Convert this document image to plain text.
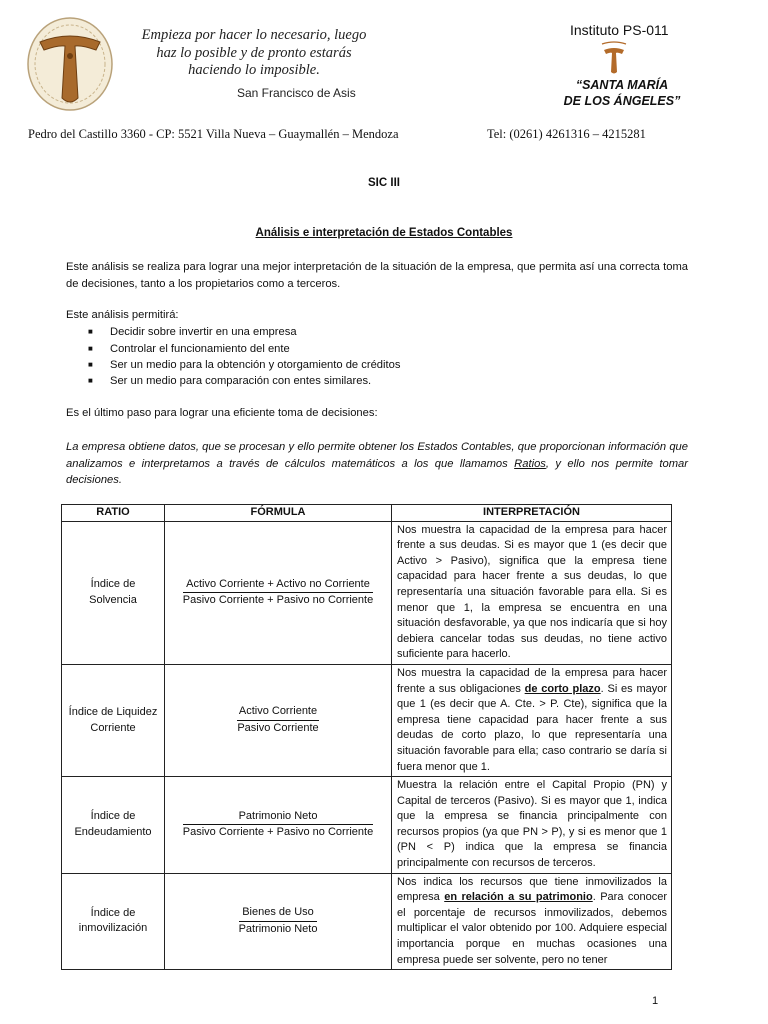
Empieza por hacer lo necesario, luego
haz lo posible y de pronto estarás
haciendo lo imposible.
San Francisco de Asis
Instituto PS-011
“SANTA MARÍA
DE LOS ÁNGELES”
Pedro del Castillo 3360 - CP: 5521 Villa Nueva – Guaymallén – Mendoza	Tel: (0261) 4261316 – 4215281
SIC III
Análisis e interpretación de Estados Contables
Este análisis se realiza para lograr una mejor interpretación de la situación de la empresa, que permita así una correcta toma de decisiones, tanto a los propietarios como a terceros.
Este análisis permitirá:
■ Decidir sobre invertir en una empresa
■ Controlar el funcionamiento del ente
■ Ser un medio para la obtención y otorgamiento de créditos
■ Ser un medio para comparación con entes similares.
Es el último paso para lograr una eficiente toma de decisiones:
La empresa obtiene datos, que se procesan y ello permite obtener los Estados Contables, que proporcionan información que analizamos e interpretamos a través de cálculos matemáticos a los que llamamos Ratios, y ello nos permite tomar decisiones.
RATIO	FÓRMULA	INTERPRETACIÓN
Índice de Solvencia	$\frac{\text{Activo Corriente + Activo no Corriente}}{\text{Pasivo Corriente + Pasivo no Corriente}}$	Nos muestra la capacidad de la empresa para hacer frente a sus deudas. Si es mayor que 1 (es decir que Activo > Pasivo), significa que la empresa tiene capacidad para hacer frente a sus deudas, lo que representaría una situación favorable para ella. Si es menor que 1, la empresa se encuentra en una situación desfavorable, ya que nos indicaría que si hoy debiera cancelar todas sus deudas, no tiene activo suficiente para hacerlo.
Índice de Liquidez Corriente	$\frac{\text{Activo Corriente}}{\text{Pasivo Corriente}}$	Nos muestra la capacidad de la empresa para hacer frente a sus obligaciones de corto plazo. Si es mayor que 1 (es decir que A. Cte. > P. Cte), significa que la empresa tiene capacidad para hacer frente a sus deudas de corto plazo, lo que representaría una situación favorable para ella; caso contrario se daría si fuera menor que 1.
Índice de Endeudamiento	$\frac{\text{Patrimonio Neto}}{\text{Pasivo Corriente + Pasivo no Corriente}}$	Muestra la relación entre el Capital Propio (PN) y Capital de terceros (Pasivo). Si es mayor que 1, indica que la empresa se financia principalmente con recursos propios (ya que PN > P), y si es menor que 1 (PN < P) indica que la empresa se financia principalmente con recursos de terceros.
Índice de inmovilización	$\frac{\text{Bienes de Uso}}{\text{Patrimonio Neto}}$	Nos indica los recursos que tiene inmovilizados la empresa en relación a su patrimonio. Para conocer el porcentaje de recursos inmovilizados, debemos multiplicar el valor obtenido por 100. Adquiere especial importancia porque en muchas ocasiones una empresa puede ser solvente, pero no tener
1
